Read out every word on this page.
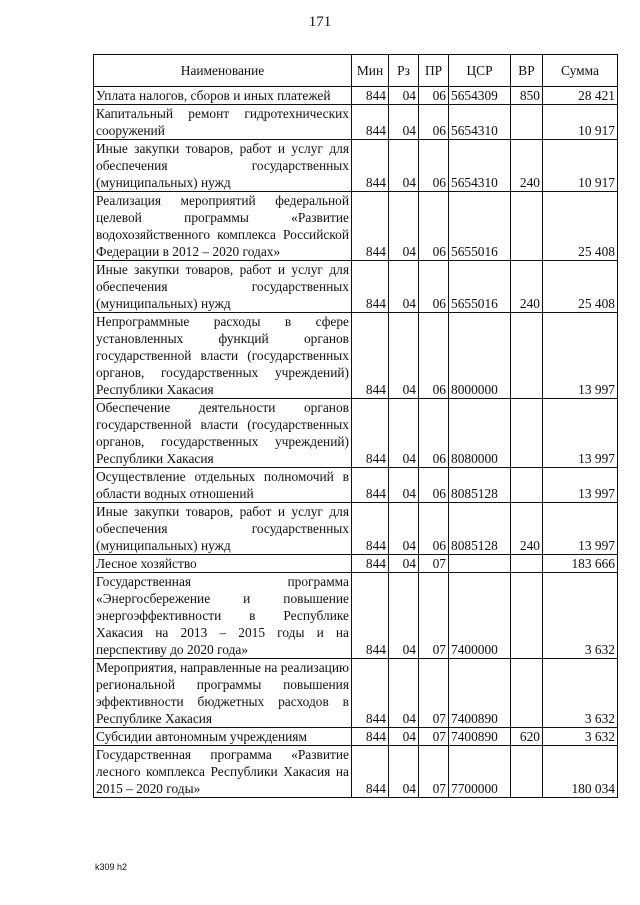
171
Наименование	Мин	Рз	ПР	ЦСР	ВР	Сумма
Уплата налогов, сборов и иных платежей	844	04	06	5654309	850	28 421
Капитальный ремонт гидротехнических сооружений	844	04	06	5654310		10 917
Иные закупки товаров, работ и услуг для обеспечения государственных (муниципальных) нужд	844	04	06	5654310	240	10 917
Реализация мероприятий федеральной целевой программы «Развитие водохозяйственного комплекса Российской Федерации в 2012 – 2020 годах»	844	04	06	5655016		25 408
Иные закупки товаров, работ и услуг для обеспечения государственных (муниципальных) нужд	844	04	06	5655016	240	25 408
Непрограммные расходы в сфере установленных функций органов государственной власти (государственных органов, государственных учреждений) Республики Хакасия	844	04	06	8000000		13 997
Обеспечение деятельности органов государственной власти (государственных органов, государственных учреждений) Республики Хакасия	844	04	06	8080000		13 997
Осуществление отдельных полномочий в области водных отношений	844	04	06	8085128		13 997
Иные закупки товаров, работ и услуг для обеспечения государственных (муниципальных) нужд	844	04	06	8085128	240	13 997
Лесное хозяйство	844	04	07			183 666
Государственная программа «Энергосбережение и повышение энергоэффективности в Республике Хакасия на 2013 – 2015 годы и на перспективу до 2020 года»	844	04	07	7400000		3 632
Мероприятия, направленные на реализацию региональной программы повышения эффективности бюджетных расходов в Республике Хакасия	844	04	07	7400890		3 632
Субсидии автономным учреждениям	844	04	07	7400890	620	3 632
Государственная программа «Развитие лесного комплекса Республики Хакасия на 2015 – 2020 годы»	844	04	07	7700000		180 034
k309 h2
